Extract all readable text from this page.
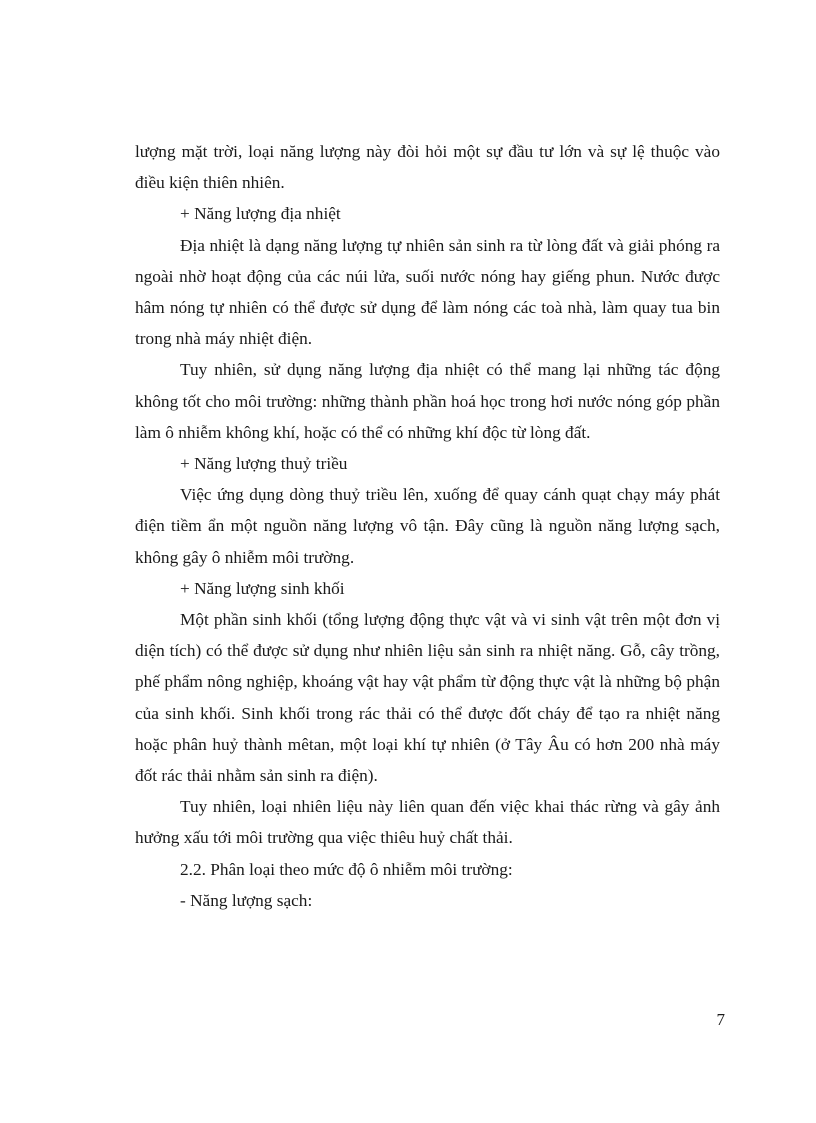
lượng mặt trời, loại năng lượng này đòi hỏi một sự đầu tư lớn và sự lệ thuộc vào điều kiện thiên nhiên.

+ Năng lượng địa nhiệt

Địa nhiệt là dạng năng lượng tự nhiên sản sinh ra từ lòng đất và giải phóng ra ngoài nhờ hoạt động của các núi lửa, suối nước nóng hay giếng phun. Nước được hâm nóng tự nhiên có thể được sử dụng để làm nóng các toà nhà, làm quay tua bin trong nhà máy nhiệt điện.

Tuy nhiên, sử dụng năng lượng địa nhiệt có thể mang lại những tác động không tốt cho môi trường: những thành phần hoá học trong hơi nước nóng góp phần làm ô nhiễm không khí, hoặc có thể có những khí độc từ lòng đất.

+ Năng lượng thuỷ triều

Việc ứng dụng dòng thuỷ triều lên, xuống để quay cánh quạt chạy máy phát điện tiềm ẩn một nguồn năng lượng vô tận. Đây cũng là nguồn năng lượng sạch, không gây ô nhiễm môi trường.

+ Năng lượng sinh khối

Một phần sinh khối (tổng lượng động thực vật và vi sinh vật trên một đơn vị diện tích) có thể được sử dụng như nhiên liệu sản sinh ra nhiệt năng. Gỗ, cây trồng, phế phẩm nông nghiệp, khoáng vật hay vật phẩm từ động thực vật là những bộ phận của sinh khối. Sinh khối trong rác thải có thể được đốt cháy để tạo ra nhiệt năng hoặc phân huỷ thành mêtan, một loại khí tự nhiên (ở Tây Âu có hơn 200 nhà máy đốt rác thải nhằm sản sinh ra điện).

Tuy nhiên, loại nhiên liệu này liên quan đến việc khai thác rừng và gây ảnh hưởng xấu tới môi trường qua việc thiêu huỷ chất thải.

2.2. Phân loại theo mức độ ô nhiễm môi trường:

- Năng lượng sạch:

7
